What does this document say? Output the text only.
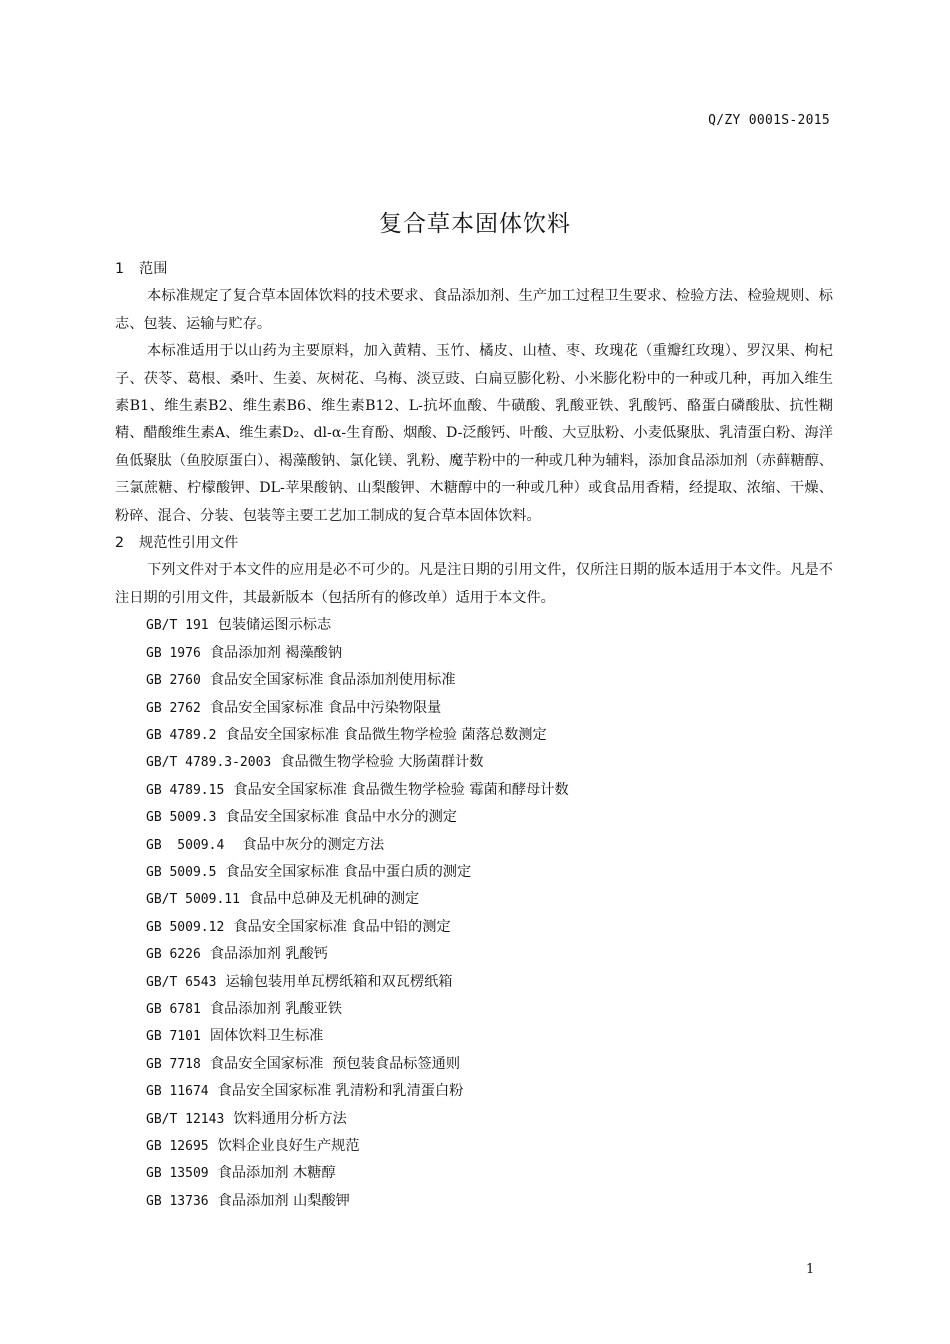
Q/ZY 0001S-2015
复合草本固体饮料
1	范围

本标准规定了复合草本固体饮料的技术要求、食品添加剂、生产加工过程卫生要求、检验方法、检验规则、标志、包装、运输与贮存。

本标准适用于以山药为主要原料，加入黄精、玉竹、橘皮、山楂、枣、玫瑰花（重瓣红玫瑰）、罗汉果、枸杞子、茯苓、葛根、桑叶、生姜、灰树花、乌梅、淡豆豉、白扁豆膨化粉、小米膨化粉中的一种或几种，再加入维生素B1、维生素B2、维生素B6、维生素B12、L-抗坏血酸、牛磺酸、乳酸亚铁、乳酸钙、酪蛋白磷酸肽、抗性糊精、醋酸维生素A、维生素D₂、dl-α-生育酚、烟酸、D-泛酸钙、叶酸、大豆肽粉、小麦低聚肽、乳清蛋白粉、海洋鱼低聚肽（鱼胶原蛋白）、褐藻酸钠、氯化镁、乳粉、魔芋粉中的一种或几种为辅料，添加食品添加剂（赤藓糖醇、三氯蔗糖、柠檬酸钾、DL-苹果酸钠、山梨酸钾、木糖醇中的一种或几种）或食品用香精，经提取、浓缩、干燥、粉碎、混合、分装、包装等主要工艺加工制成的复合草本固体饮料。

2	规范性引用文件

下列文件对于本文件的应用是必不可少的。凡是注日期的引用文件，仅所注日期的版本适用于本文件。凡是不注日期的引用文件，其最新版本（包括所有的修改单）适用于本文件。

GB/T 191 包装储运图示标志
GB 1976 食品添加剂 褐藻酸钠
GB 2760 食品安全国家标准 食品添加剂使用标准
GB 2762 食品安全国家标准 食品中污染物限量
GB 4789.2 食品安全国家标准 食品微生物学检验 菌落总数测定
GB/T 4789.3-2003 食品微生物学检验 大肠菌群计数
GB 4789.15 食品安全国家标准 食品微生物学检验 霉菌和酵母计数
GB 5009.3 食品安全国家标准 食品中水分的测定
GB  5009.4 食品中灰分的测定方法
GB 5009.5 食品安全国家标准 食品中蛋白质的测定
GB/T 5009.11 食品中总砷及无机砷的测定
GB 5009.12 食品安全国家标准 食品中铅的测定
GB 6226 食品添加剂 乳酸钙
GB/T 6543 运输包装用单瓦楞纸箱和双瓦楞纸箱
GB 6781 食品添加剂 乳酸亚铁
GB 7101 固体饮料卫生标准
GB 7718 食品安全国家标准  预包装食品标签通则
GB 11674 食品安全国家标准 乳清粉和乳清蛋白粉
GB/T 12143 饮料通用分析方法
GB 12695 饮料企业良好生产规范
GB 13509 食品添加剂 木糖醇
GB 13736 食品添加剂 山梨酸钾
1
